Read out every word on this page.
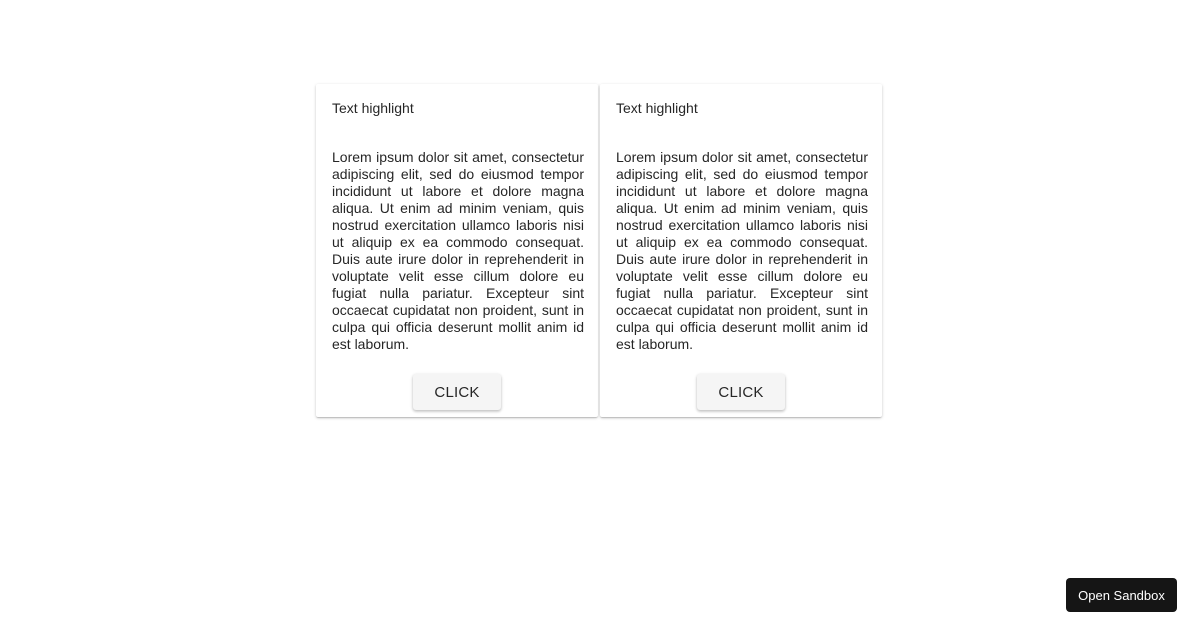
Text highlight
Lorem ipsum dolor sit amet, consectetur adipiscing elit, sed do eiusmod tempor incididunt ut labore et dolore magna aliqua. Ut enim ad minim veniam, quis nostrud exercitation ullamco laboris nisi ut aliquip ex ea commodo consequat. Duis aute irure dolor in reprehenderit in voluptate velit esse cillum dolore eu fugiat nulla pariatur. Excepteur sint occaecat cupidatat non proident, sunt in culpa qui officia deserunt mollit anim id est laborum.
CLICK
Text highlight
Lorem ipsum dolor sit amet, consectetur adipiscing elit, sed do eiusmod tempor incididunt ut labore et dolore magna aliqua. Ut enim ad minim veniam, quis nostrud exercitation ullamco laboris nisi ut aliquip ex ea commodo consequat. Duis aute irure dolor in reprehenderit in voluptate velit esse cillum dolore eu fugiat nulla pariatur. Excepteur sint occaecat cupidatat non proident, sunt in culpa qui officia deserunt mollit anim id est laborum.
CLICK
Open Sandbox
